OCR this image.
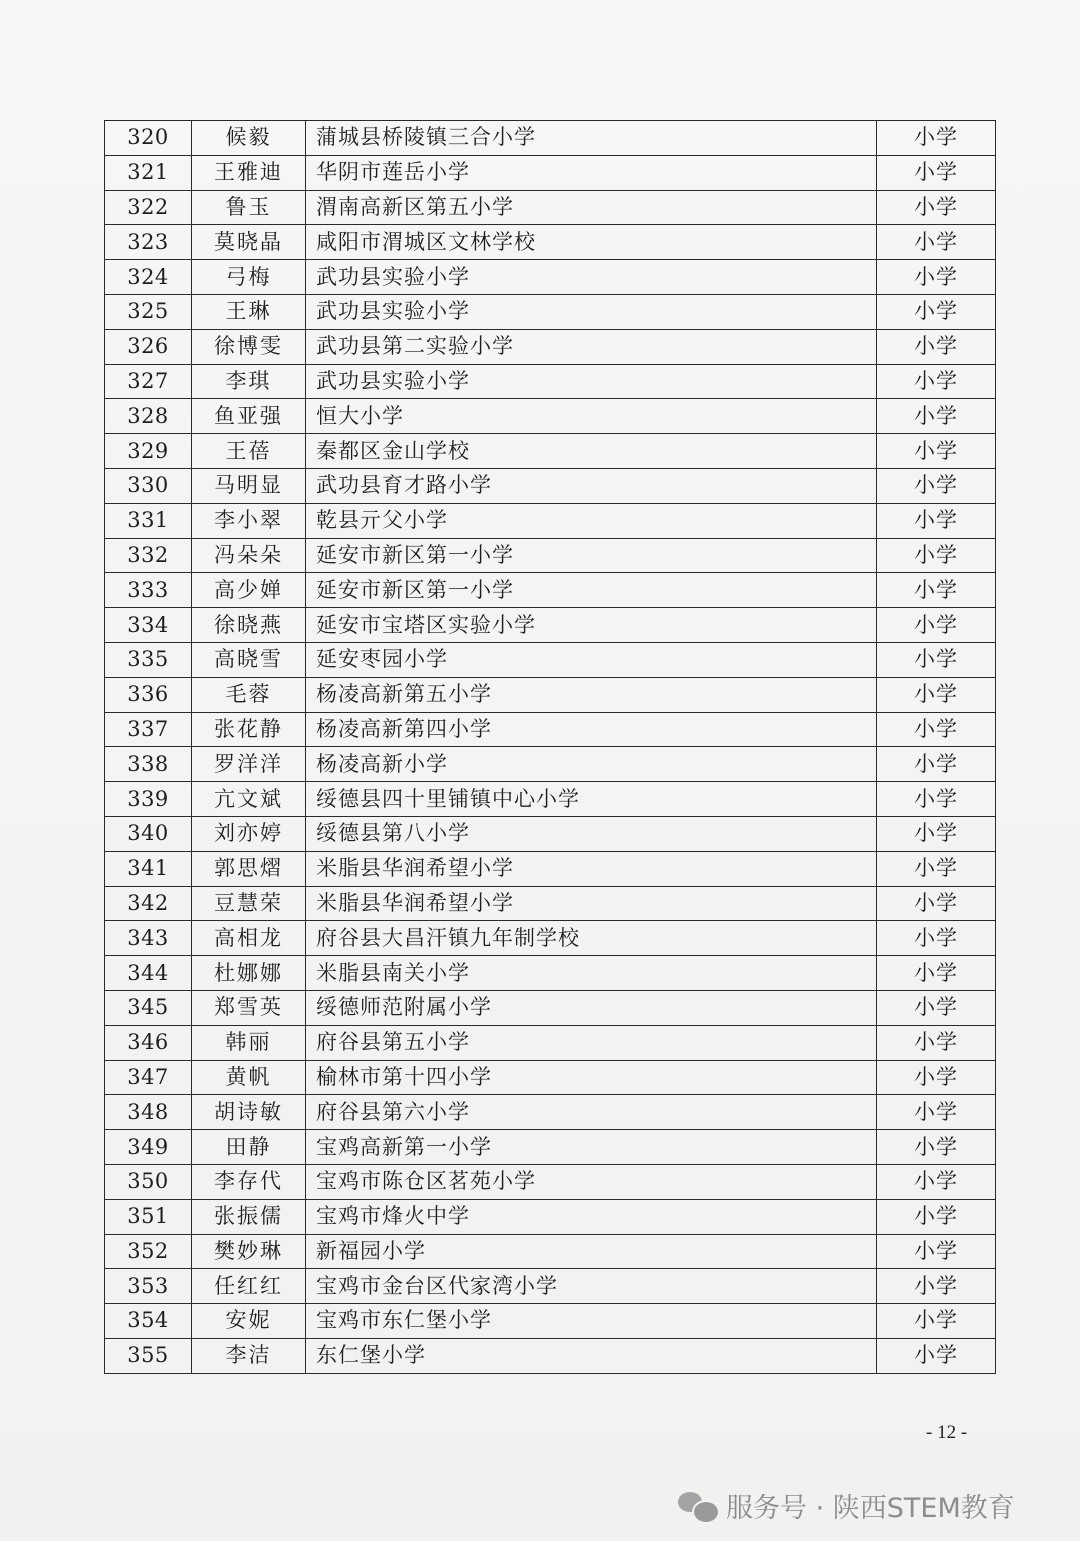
320	候毅	蒲城县桥陵镇三合小学	小学
321	王雅迪	华阴市莲岳小学	小学
322	鲁玉	渭南高新区第五小学	小学
323	莫晓晶	咸阳市渭城区文林学校	小学
324	弓梅	武功县实验小学	小学
325	王琳	武功县实验小学	小学
326	徐博雯	武功县第二实验小学	小学
327	李琪	武功县实验小学	小学
328	鱼亚强	恒大小学	小学
329	王蓓	秦都区金山学校	小学
330	马明显	武功县育才路小学	小学
331	李小翠	乾县亓父小学	小学
332	冯朵朵	延安市新区第一小学	小学
333	高少婵	延安市新区第一小学	小学
334	徐晓燕	延安市宝塔区实验小学	小学
335	高晓雪	延安枣园小学	小学
336	毛蓉	杨凌高新第五小学	小学
337	张花静	杨凌高新第四小学	小学
338	罗洋洋	杨凌高新小学	小学
339	亢文斌	绥德县四十里铺镇中心小学	小学
340	刘亦婷	绥德县第八小学	小学
341	郭思熠	米脂县华润希望小学	小学
342	豆慧荣	米脂县华润希望小学	小学
343	高相龙	府谷县大昌汗镇九年制学校	小学
344	杜娜娜	米脂县南关小学	小学
345	郑雪英	绥德师范附属小学	小学
346	韩丽	府谷县第五小学	小学
347	黄帆	榆林市第十四小学	小学
348	胡诗敏	府谷县第六小学	小学
349	田静	宝鸡高新第一小学	小学
350	李存代	宝鸡市陈仓区茗苑小学	小学
351	张振儒	宝鸡市烽火中学	小学
352	樊妙琳	新福园小学	小学
353	任红红	宝鸡市金台区代家湾小学	小学
354	安妮	宝鸡市东仁堡小学	小学
355	李洁	东仁堡小学	小学
- 12 -
服务号 · 陕西STEM教育
